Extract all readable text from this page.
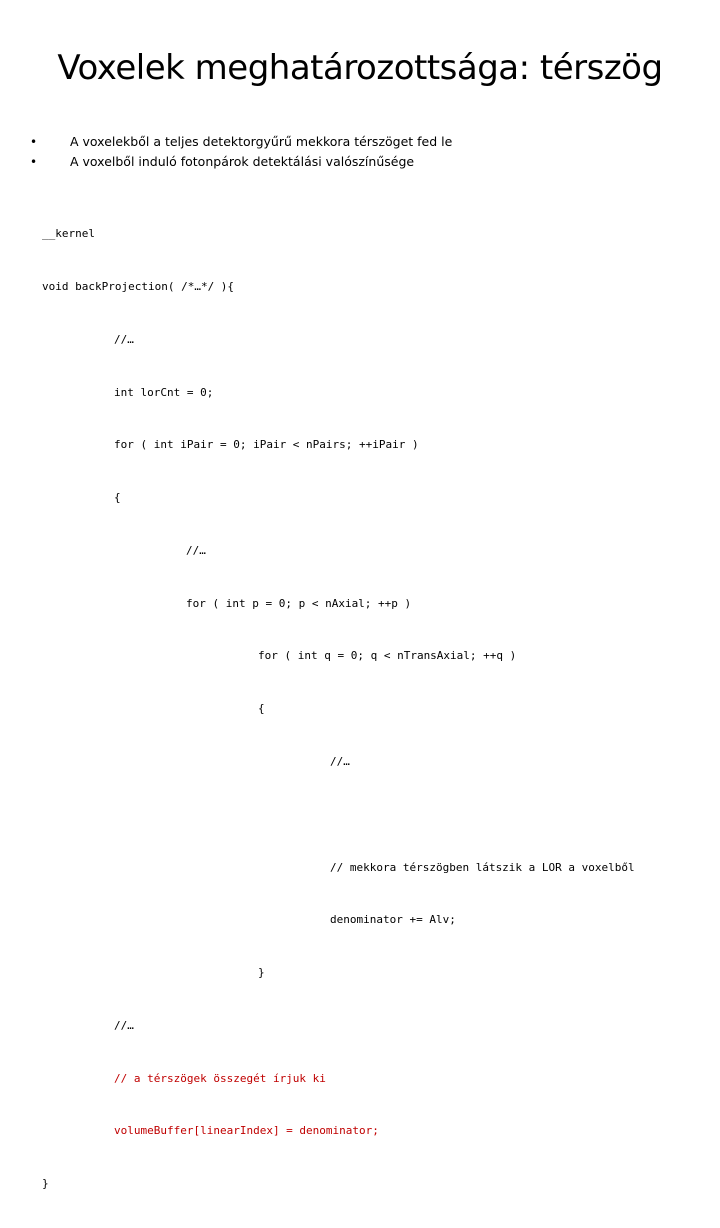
Voxelek meghatározottsága: térszög
•	A voxelekből a teljes detektorgyűrű mekkora térszöget fed le
•	A voxelből induló fotonpárok detektálási valószínűsége

__kernel

void backProjection( /*…*/ ){

//…

int lorCnt = 0;

for ( int iPair = 0; iPair < nPairs; ++iPair )

{

//…

for ( int p = 0; p < nAxial; ++p )

for ( int q = 0; q < nTransAxial; ++q )

{

//…

// mekkora térszögben látszik a LOR a voxelből

denominator += Alv;

}

//…

// a térszögek összegét írjuk ki

volumeBuffer[linearIndex] = denominator;

}
